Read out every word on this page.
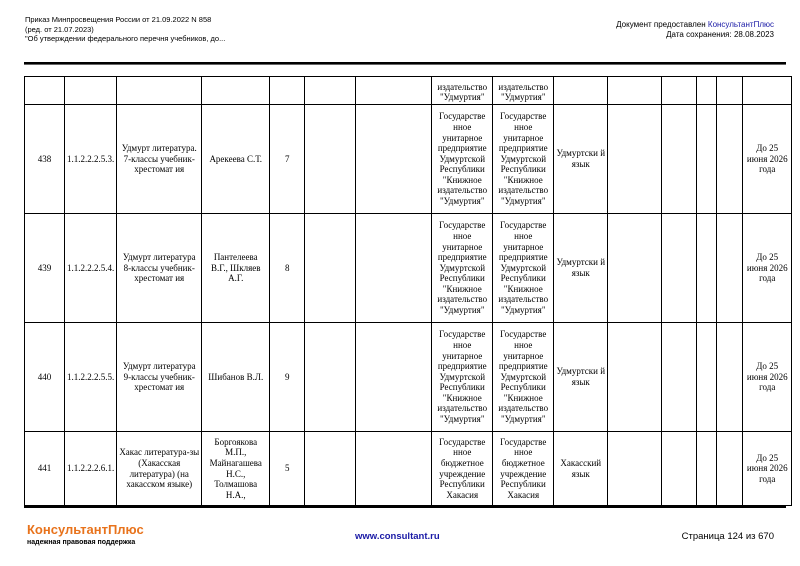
Приказ Минпросвещения России от 21.09.2022 N 858
(ред. от 21.07.2023)
"Об утверждении федерального перечня учебников, до...
Документ предоставлен КонсультантПлюс
Дата сохранения: 28.08.2023
							издательство "Удмуртия"	издательство "Удмуртия"						
438	1.1.2.2.2.5.3.	Удмурт литература. 7-классы учебник-хрестомат ия	Арекеева С.Т.	7			Государстве нное унитарное предприятие Удмуртской Республики "Книжное издательство "Удмуртия"	Государстве нное унитарное предприятие Удмуртской Республики "Книжное издательство "Удмуртия"	Удмуртски й язык					До 25 июня 2026 года
439	1.1.2.2.2.5.4.	Удмурт литература 8-классы учебник-хрестомат ия	Пантелеева В.Г., Шкляев А.Г.	8			Государстве нное унитарное предприятие Удмуртской Республики "Книжное издательство "Удмуртия"	Государстве нное унитарное предприятие Удмуртской Республики "Книжное издательство "Удмуртия"	Удмуртски й язык					До 25 июня 2026 года
440	1.1.2.2.2.5.5.	Удмурт литература 9-классы учебник-хрестомат ия	Шибанов В.Л.	9			Государстве нное унитарное предприятие Удмуртской Республики "Книжное издательство "Удмуртия"	Государстве нное унитарное предприятие Удмуртской Республики "Книжное издательство "Удмуртия"	Удмуртски й язык					До 25 июня 2026 года
441	1.1.2.2.2.6.1.	Хакас литература-зы (Хакасская литература) (на хакасском языке)	Боргоякова М.П., Майнагашева Н.С., Толмашова Н.А.,	5			Государстве нное бюджетное учреждение Республики Хакасия	Государстве нное бюджетное учреждение Республики Хакасия	Хакасский язык					До 25 июня 2026 года
КонсультантПлюс
надежная правовая поддержка
www.consultant.ru	Страница 124 из 670
